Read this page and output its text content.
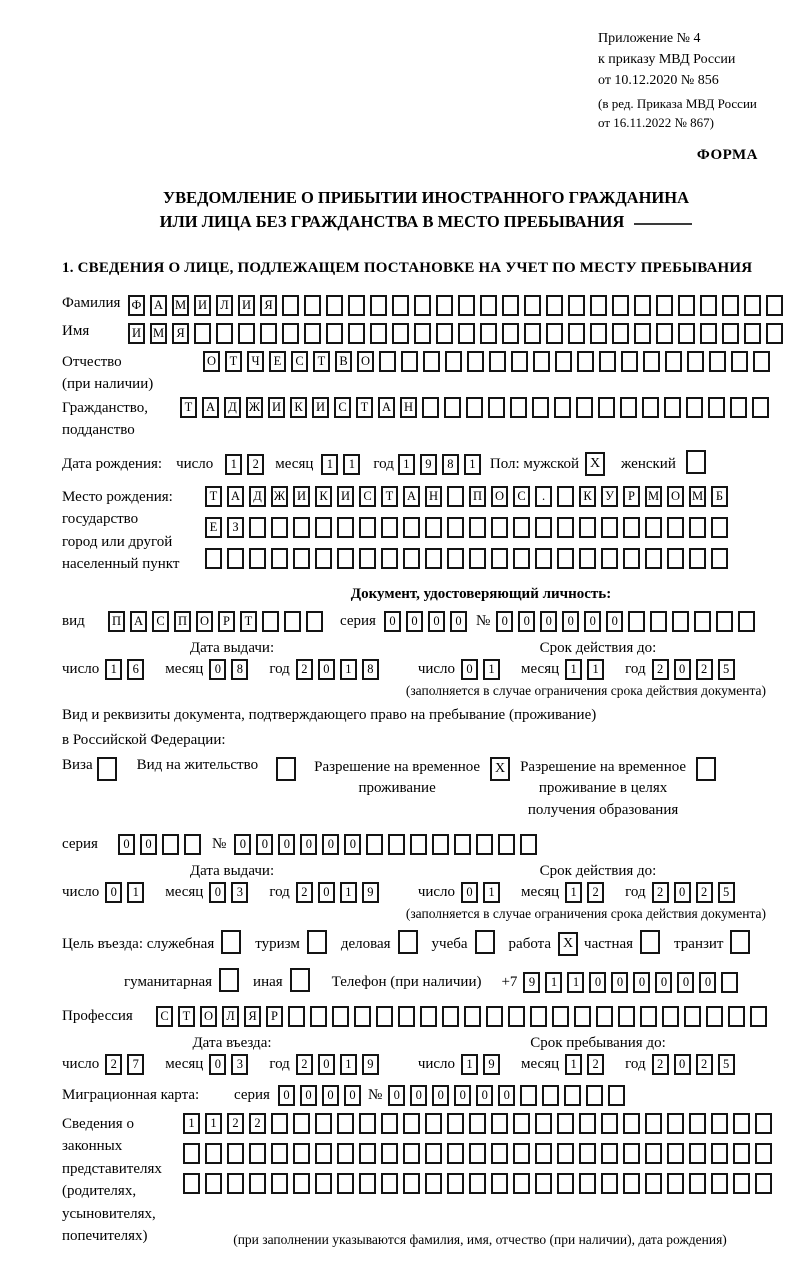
Приложение № 4
к приказу МВД России
от 10.12.2020 № 856
(в ред. Приказа МВД России
от 16.11.2022 № 867)
ФОРМА
УВЕДОМЛЕНИЕ О ПРИБЫТИИ ИНОСТРАННОГО ГРАЖДАНИНА
ИЛИ ЛИЦА БЕЗ ГРАЖДАНСТВА В МЕСТО ПРЕБЫВАНИЯ
1. СВЕДЕНИЯ О ЛИЦЕ, ПОДЛЕЖАЩЕМ ПОСТАНОВКЕ НА УЧЕТ ПО МЕСТУ ПРЕБЫВАНИЯ
Фамилия Ф	А М И	Л	И	Я
Имя	И М Я
Отчество
(при наличии)
О	Т	Ч	Е	С	Т	В	О
Гражданство,
подданство
Т	А	Д Ж И	К	И	С	Т	А	Н
Дата рождения: число	1	2	месяц	1	1	год 1	9	8	1 Пол: мужской X	женский
Место рождения:
государство
город или другой
населенный пункт
Т	А	Д Ж И	К	И	С	Т	А	Н	П	О	С	.	К	У	Р	М О М	Б
Е	З
Документ, удостоверяющий личность:
вид	П	А	С	П	О	Р	Т	серия	0	0	0	0 № 0	0	0	0	0	0
Дата выдачи:	Срок действия до:
число 1	6	месяц 0	8	год 2	0	1	8	число 0	1	месяц 1	1	год 2	0	2	5
(заполняется в случае ограничения срока действия документа)
Вид и реквизиты документа, подтверждающего право на пребывание (проживание)
в Российской Федерации:
Виза	Вид на жительство	Разрешение на временное
проживание
X Разрешение на временное
проживание в целях
получения образования
серия	0	0	№	0	0	0	0	0	0
Дата выдачи:	Срок действия до:
число 0	1	месяц 0	3	год 2	0	1	9	число 0	1	месяц 1	2	год 2	0	2	5
(заполняется в случае ограничения срока действия документа)
Цель въезда: служебная	туризм	деловая	учеба	работа X частная	транзит
гуманитарная	иная	Телефон (при наличии) +7 9	1	1	0	0	0	0	0	0
Профессия	С	Т	О	Л	Я	Р
Дата въезда:	Срок пребывания до:
число 2	7	месяц 0	3	год 2	0	1	9	число 1	9	месяц 1	2	год 2	0	2	5
Миграционная карта:	серия	0	0	0	0 № 0	0	0	0	0	0
Сведения о
законных
представителях
(родителях,
усыновителях,
попечителях)
1	1	2	2
(при заполнении указываются фамилия, имя, отчество (при наличии), дата рождения)
